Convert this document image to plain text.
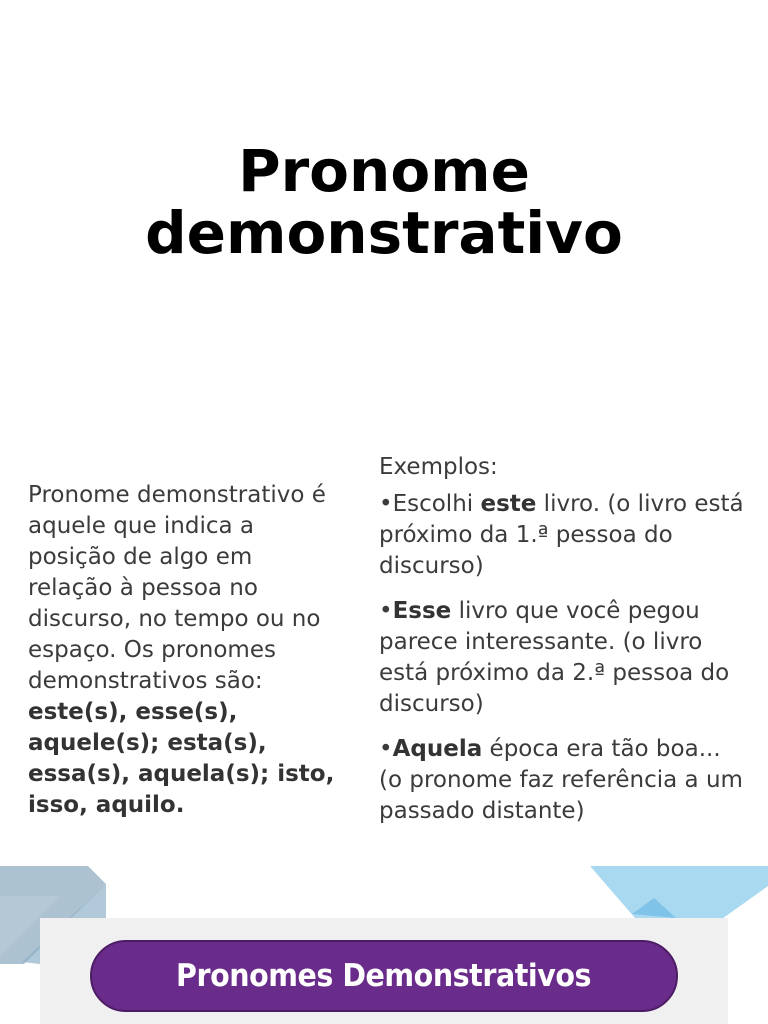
Pronome
demonstrativo
Pronome demonstrativo é aquele que indica a posição de algo em relação à pessoa no discurso, no tempo ou no espaço. Os pronomes demonstrativos são: este(s), esse(s), aquele(s); esta(s), essa(s), aquela(s); isto, isso, aquilo.

Exemplos:

•Escolhi este livro. (o livro está próximo da 1.ª pessoa do discurso)

•Esse livro que você pegou parece interessante. (o livro está próximo da 2.ª pessoa do discurso)

•Aquela época era tão boa... (o pronome faz referência a um passado distante)

Pronomes Demonstrativos
